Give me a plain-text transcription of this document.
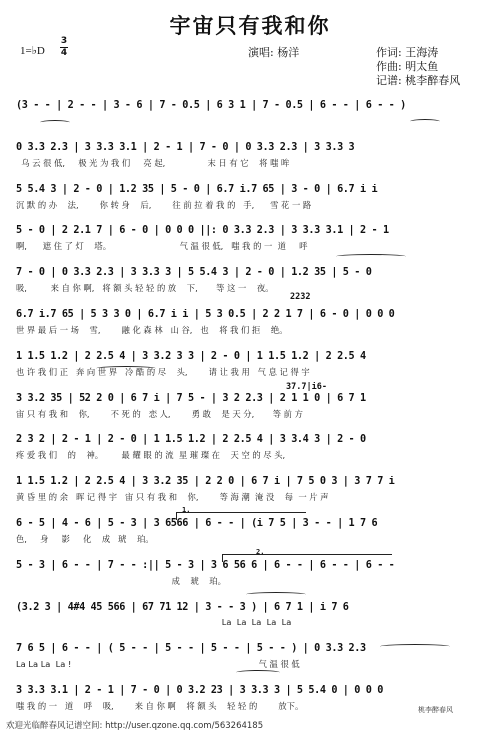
宇宙只有我和你
演唱: 杨洋	作词: 王海涛
作曲: 明太鱼
记谱: 桃李醉春风
1=♭D
3
4
(3 - - | 2 - - | 3 - 6 | 7 - 0.5 | 6 3 1 | 7 - 0.5 | 6 - - | 6 - - )
0 3.3 2.3 | 3 3.3 3.1 | 2 - 1 | 7 - 0 | 0 3.3 2.3 | 3 3.3 3
乌 云 很 低,     极 光 为 我 们     亮 起,                末 日 有 它    将 嗤 哞
5 5.4 3 | 2 - 0 | 1.2 35 | 5 - 0 | 6.7 i.7 65 | 3 - 0 | 6.7 i i
沉 默 的 办    法,        你 转 身    后,        往 前 拉 着 我 的   手,      雪 花 一 路
5 - 0 | 2 2.1 7 | 6 - 0 | 0 0 0 ||: 0 3.3 2.3 | 3 3.3 3.1 | 2 - 1
啊,      遮 住 了 灯    塔。                          气 温 很 低,   嗤 我 的 一  道     呼
7 - 0 | 0 3.3 2.3 | 3 3.3 3 | 5 5.4 3 | 2 - 0 | 1.2 35 | 5 - 0
吸,         来 自 你 啊,   将 额 头 轻 轻 的 放    下,       等 这 一    夜。
6.7 i.7 65 | 5 3 3 0 | 6.7 i i | 5 3 0.5 | 2 2 1 7 | 6 - 0 | 0 0 0
世 界 最 后 一 场    雪,        融 化 森 林   山 谷,   也    将 我 们 拒    绝。
1 1.5 1.2 | 2 2.5 4 | 3 3.2 3 3 | 2 - 0 | 1 1.5 1.2 | 2 2.5 4
也 许 我 们 正   奔 向 世 界   冷 酷 的 尽    头,        请 让 我 用   气 息 记 得 宇
3 3.2 35 | 52 2 0 | 6 7 i | 7 5 - | 3 2 2.3 | 2 1 1 0 | 6 7 1
宙 只 有 我 和    你,        不 死 的   恋 人,        勇 敢    是 天 分,       等 前 方
2 3 2 | 2 - 1 | 2 - 0 | 1 1.5 1.2 | 2 2.5 4 | 3 3.4 3 | 2 - 0
疼 爱 我 们    的    神。       最 耀 眼 的 流  星 璀 璨 在    天 空 的 尽 头,
1 1.5 1.2 | 2 2.5 4 | 3 3.2 35 | 2 2 0 | 6 7 i | 7 5 0 3 | 3 7 7 i
黄 昏 里 的 余   晖 记 得 宇   宙 只 有 我 和    你,        等 海 潮  淹 没    每  一 片 声
6 - 5 | 4 - 6 | 5 - 3 | 3 6566 | 6 - - | (i 7 5 | 3 - - | 1 7 6
色,     身     影     化    成   琥    珀。
5 - 3 | 6 - - | 7 - - :|| 5 - 3 | 3 6 56 6 | 6 - - | 6 - - | 6 - -
成    琥    珀。
(3.2 3 | 4#4 45 566 | 67 71 12 | 3 - - 3 ) | 6 7 1 | i 7 6
La  La  La  La  La
7 6 5 | 6 - - | ( 5 - - | 5 - - | 5 - - | 5 - - ) | 0 3.3 2.3
La La La  La !                                                                       气 温 很 低
3 3.3 3.1 | 2 - 1 | 7 - 0 | 0 3.2 23 | 3 3.3 3 | 5 5.4 0 | 0 0 0
嗤 我 的 一   道    呼    吸,        来 自 你 啊    将 额 头    轻 轻 的        放下。
37.7|i6-
2232
1.
2.
桃李醉春风
欢迎光临醉春风记谱空间: http://user.qzone.qq.com/563264185
